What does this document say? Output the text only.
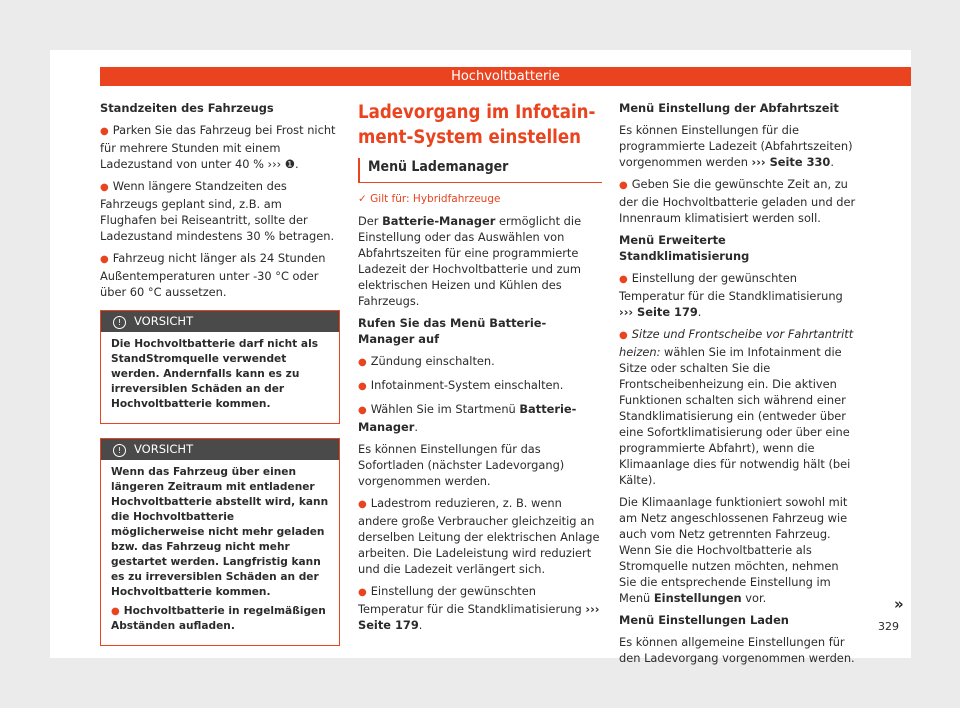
Hochvoltbatterie

Standzeiten des Fahrzeugs

● Parken Sie das Fahrzeug bei Frost nicht für mehrere Stunden mit einem Ladezustand von unter 40 % ››› ❶.

● Wenn längere Standzeiten des Fahrzeugs geplant sind, z.B. am Flughafen bei Reiseantritt, sollte der Ladezustand mindestens 30 % betragen.

● Fahrzeug nicht länger als 24 Stunden Außentemperaturen unter -30 °C oder über 60 °C aussetzen.

! VORSICHT

Die Hochvoltbatterie darf nicht als StandStromquelle verwendet werden. Andernfalls kann es zu irreversiblen Schäden an der Hochvoltbatterie kommen.

! VORSICHT

Wenn das Fahrzeug über einen längeren Zeitraum mit entladener Hochvoltbatterie abstellt wird, kann die Hochvoltbatterie möglicherweise nicht mehr geladen bzw. das Fahrzeug nicht mehr gestartet werden. Langfristig kann es zu irreversiblen Schäden an der Hochvoltbatterie kommen.

● Hochvoltbatterie in regelmäßigen Abständen aufladen.

Ladevorgang im Infotainment-System einstellen
Menü Lademanager

✓ Gilt für: Hybridfahrzeuge

Der Batterie-Manager ermöglicht die Einstellung oder das Auswählen von Abfahrtszeiten für eine programmierte Ladezeit der Hochvoltbatterie und zum elektrischen Heizen und Kühlen des Fahrzeugs.

Rufen Sie das Menü Batterie-Manager auf

● Zündung einschalten.

● Infotainment-System einschalten.

● Wählen Sie im Startmenü Batterie-Manager.

Es können Einstellungen für das Sofortladen (nächster Ladevorgang) vorgenommen werden.

● Ladestrom reduzieren, z. B. wenn andere große Verbraucher gleichzeitig an derselben Leitung der elektrischen Anlage arbeiten. Die Ladeleistung wird reduziert und die Ladezeit verlängert sich.

● Einstellung der gewünschten Temperatur für die Standklimatisierung ››› Seite 179.

Menü Einstellung der Abfahrtszeit

Es können Einstellungen für die programmierte Ladezeit (Abfahrtszeiten) vorgenommen werden ››› Seite 330.

● Geben Sie die gewünschte Zeit an, zu der die Hochvoltbatterie geladen und der Innenraum klimatisiert werden soll.

Menü Erweiterte Standklimatisierung

● Einstellung der gewünschten Temperatur für die Standklimatisierung ››› Seite 179.

● Sitze und Frontscheibe vor Fahrtantritt heizen: wählen Sie im Infotainment die Sitze oder schalten Sie die Frontscheibenheizung ein. Die aktiven Funktionen schalten sich während einer Standklimatisierung ein (entweder über eine Sofortklimatisierung oder über eine programmierte Abfahrt), wenn die Klimaanlage dies für notwendig hält (bei Kälte).

Die Klimaanlage funktioniert sowohl mit am Netz angeschlossenen Fahrzeug wie auch vom Netz getrennten Fahrzeug. Wenn Sie die Hochvoltbatterie als Stromquelle nutzen möchten, nehmen Sie die entsprechende Einstellung im Menü Einstellungen vor.

Menü Einstellungen Laden

Es können allgemeine Einstellungen für den Ladevorgang vorgenommen werden.

»
329
